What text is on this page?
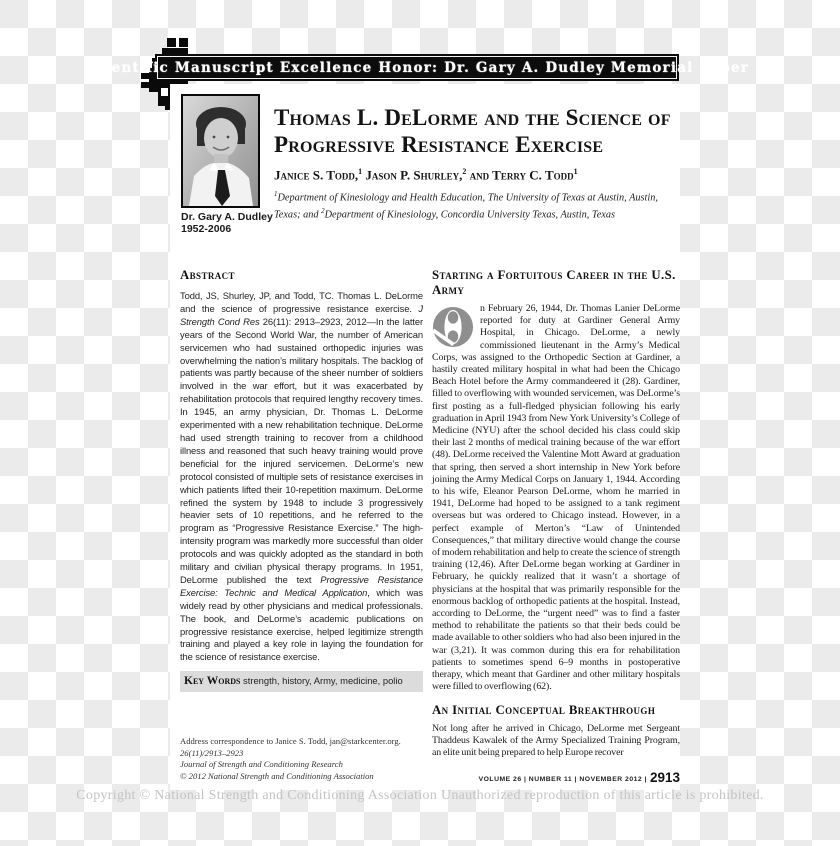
Scientific Manuscript Excellence Honor: Dr. Gary A. Dudley Memorial Paper
Dr. Gary A. Dudley
1952-2006
Thomas L. DeLorme and the Science of Progressive Resistance Exercise
Janice S. Todd,$^1$ Jason P. Shurley,$^2$ and Terry C. Todd$^1$
$^1$Department of Kinesiology and Health Education, The University of Texas at Austin, Austin, Texas; and $^2$Department of Kinesiology, Concordia University Texas, Austin, Texas
Abstract
Todd, JS, Shurley, JP, and Todd, TC. Thomas L. DeLorme and the science of progressive resistance exercise. J Strength Cond Res 26(11): 2913–2923, 2012—In the latter years of the Second World War, the number of American servicemen who had sustained orthopedic injuries was overwhelming the nation’s military hospitals. The backlog of patients was partly because of the sheer number of soldiers involved in the war effort, but it was exacerbated by rehabilitation protocols that required lengthy recovery times. In 1945, an army physician, Dr. Thomas L. DeLorme experimented with a new rehabilitation technique. DeLorme had used strength training to recover from a childhood illness and reasoned that such heavy training would prove beneficial for the injured servicemen. DeLorme’s new protocol consisted of multiple sets of resistance exercises in which patients lifted their 10-repetition maximum. DeLorme refined the system by 1948 to include 3 progressively heavier sets of 10 repetitions, and he referred to the program as “Progressive Resistance Exercise.” The high-intensity program was markedly more successful than older protocols and was quickly adopted as the standard in both military and civilian physical therapy programs. In 1951, DeLorme published the text Progressive Resistance Exercise: Technic and Medical Application, which was widely read by other physicians and medical professionals. The book, and DeLorme’s academic publications on progressive resistance exercise, helped legitimize strength training and played a key role in laying the foundation for the science of resistance exercise.
Key Words strength, history, Army, medicine, polio
Address correspondence to Janice S. Todd, jan@starkcenter.org.
26(11)/2913–2923
Journal of Strength and Conditioning Research
© 2012 National Strength and Conditioning Association
Starting a Fortuitous Career in the U.S. Army
n February 26, 1944, Dr. Thomas Lanier DeLorme reported for duty at Gardiner General Army Hospital, in Chicago. DeLorme, a newly commissioned lieutenant in the Army’s Medical Corps, was assigned to the Orthopedic Section at Gardiner, a hastily created military hospital in what had been the Chicago Beach Hotel before the Army commandeered it (28). Gardiner, filled to overflowing with wounded servicemen, was DeLorme’s first posting as a full-fledged physician following his early graduation in April 1943 from New York University’s College of Medicine (NYU) after the school decided his class could skip their last 2 months of medical training because of the war effort (48). DeLorme received the Valentine Mott Award at graduation that spring, then served a short internship in New York before joining the Army Medical Corps on January 1, 1944. According to his wife, Eleanor Pearson DeLorme, whom he married in 1941, DeLorme had hoped to be assigned to a tank regiment overseas but was ordered to Chicago instead. However, in a perfect example of Merton’s “Law of Unintended Consequences,” that military directive would change the course of modern rehabilitation and help to create the science of strength training (12,46). After DeLorme began working at Gardiner in February, he quickly realized that it wasn’t a shortage of physicians at the hospital that was primarily responsible for the enormous backlog of orthopedic patients at the hospital. Instead, according to DeLorme, the “urgent need” was to find a faster method to rehabilitate the patients so that their beds could be made available to other soldiers who had also been injured in the war (3,21). It was common during this era for rehabilitation patients to sometimes spend 6–9 months in postoperative therapy, which meant that Gardiner and other military hospitals were filled to overflowing (62).
An Initial Conceptual Breakthrough
Not long after he arrived in Chicago, DeLorme met Sergeant Thaddeus Kawalek of the Army Specialized Training Program, an elite unit being prepared to help Europe recover
VOLUME 26 | NUMBER 11 | NOVEMBER 2012 | 2913
Copyright © National Strength and Conditioning Association Unauthorized reproduction of this article is prohibited.
